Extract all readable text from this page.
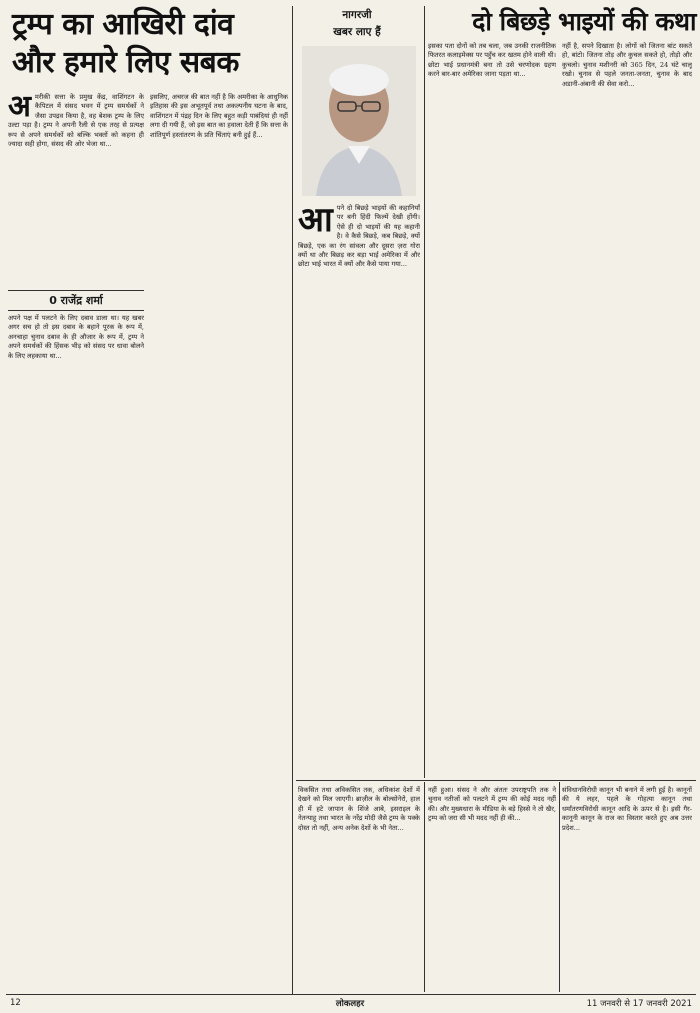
ट्रम्प का आखिरी दांव
और हमारे लिए सबक
अ मरीकी सत्ता के प्रमुख केंद्र, वाशिंगटन के कैपिटल में संसद भवन में ट्रम्प समर्थकों ने जैसा उपद्रव किया है, वह बेशक ट्रम्प के लिए उल्टा पड़ा है। ट्रम्प ने अपनी रैली से एक तरह से प्रत्यक्ष रूप से अपने समर्थकों को बल्कि भक्तों को कहना ही ज्यादा सही होगा, संसद की ओर भेजा था...
0 राजेंद्र शर्मा
अपने पक्ष में पलटने के लिए दबाव डाला था। यह खबर अगर सच हो तो इस दबाव के बहाने पूरक के रूप में, अनचाहा चुनाव दबाव के ही औजार के रूप में, ट्रम्प ने अपने समर्थकों की हिंसक भीड़ को संसद पर धावा बोलने के लिए लहकाया था...
इसलिए, अचरज की बात नहीं है कि अमरीका के आधुनिक इतिहास की इस अभूतपूर्व तथा अकल्पनीय घटना के बाद, वाशिंगटन में पंद्रह दिन के लिए बहुत कड़ी पाबंदियां ही नहीं लगा दी गयी हैं, जो इस बात का हवाला देती हैं कि सत्ता के शांतिपूर्ण हस्तांतरण के प्रति चिंताएं बनी हुई हैं...
नागरजी
खबर लाए हैं
आ पने दो बिछड़े भाइयों की कहानियाँ पर बनी हिंदी फिल्में देखी होंगी। ऐसे ही दो भाइयों की यह कहानी है। वे कैसे बिछड़े, कब बिछड़े, क्यों बिछड़े, एक का रंग सांवला और दूसरा ज़रा गोरा क्यों था और बिछड़ कर बड़ा भाई अमेरिका में और छोटा भाई भारत में क्यों और कैसे पाया गया...
दो बिछड़े भाइयों की कथा
इसका पता दोनों को तब चला, जब उनकी राजनीतिक फितरत कलाइमेक्स पर पहुँच कर खतम होने वाली थी। छोटा भाई प्रधानमंत्री बना तो उसे चरणोदक ग्रहण करने बार-बार अमेरिका जाना पड़ता था...
नहीं है, सपने दिखाता है। लोगों को जितना बांट सकते हो, बांटो। जितना तोड़ और कुचल सकते हो, तोड़ो और कुचलो। चुनाव मशीनरी को 365 दिन, 24 घंटे चालू रखो। चुनाव से पहले जनता-जनता, चुनाव के बाद अडानी-अंबानी की सेवा करो...
विकसित तथा अविकसित तक, अधिकांश देशों में देखने को मिल जाएगी। ब्राज़ील के बोल्सोनेरो, हाल ही में हटे जापान के शिंजे आबे, इसराइल के नेतन्याहू तथा भारत के नरेंद्र मोदी जैसे ट्रम्प के पक्के दोस्त तो नहीं, अन्य अनेक देशों के भी नेता...
नहीं हुआ। संसद ने और अंततः उपराष्ट्रपति तक ने चुनाव नतीजों को पलटने में ट्रम्प की कोई मदद नहीं की। और मुख्यधारा के मीडिया के बड़े हिस्से ने तो खैर, ट्रम्प को जरा सी भी मदद नहीं ही की...
संविधानविरोधी कानून भी बनाने में लगी हुई है। कानूनों की ये लहर, पहले के गोहत्या कानून तथा धर्मांतरणविरोधी कानून आदि के ऊपर से है। इसी गैर-कानूनी कानून के राज का विस्तार करते हुए अब उत्तर प्रदेश...
12	लोकलहर	11 जनवरी से 17 जनवरी 2021
